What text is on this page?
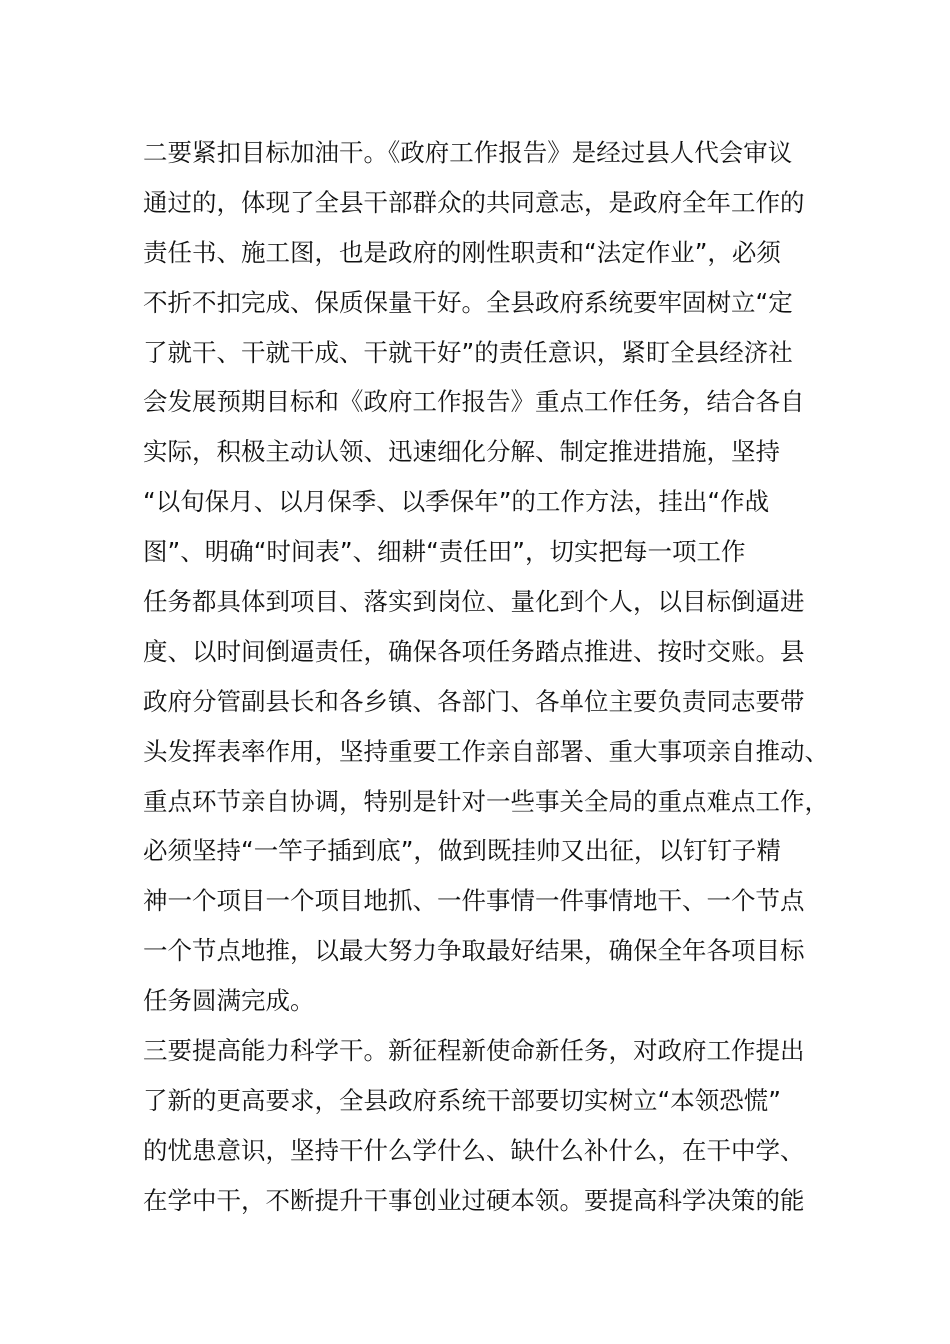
二要紧扣目标加油干。《政府工作报告》是经过县人代会审议
通过的，体现了全县干部群众的共同意志，是政府全年工作的
责任书、施工图，也是政府的刚性职责和“法定作业”，必须
不折不扣完成、保质保量干好。全县政府系统要牢固树立“定
了就干、干就干成、干就干好”的责任意识，紧盯全县经济社
会发展预期目标和《政府工作报告》重点工作任务，结合各自
实际，积极主动认领、迅速细化分解、制定推进措施，坚持
“以旬保月、以月保季、以季保年”的工作方法，挂出“作战
图”、明确“时间表”、细耕“责任田”，切实把每一项工作
任务都具体到项目、落实到岗位、量化到个人，以目标倒逼进
度、以时间倒逼责任，确保各项任务踏点推进、按时交账。县
政府分管副县长和各乡镇、各部门、各单位主要负责同志要带
头发挥表率作用，坚持重要工作亲自部署、重大事项亲自推动、
重点环节亲自协调，特别是针对一些事关全局的重点难点工作，
必须坚持“一竿子插到底”，做到既挂帅又出征，以钉钉子精
神一个项目一个项目地抓、一件事情一件事情地干、一个节点
一个节点地推，以最大努力争取最好结果，确保全年各项目标
任务圆满完成。
三要提高能力科学干。新征程新使命新任务，对政府工作提出
了新的更高要求，全县政府系统干部要切实树立“本领恐慌”
的忧患意识，坚持干什么学什么、缺什么补什么，在干中学、
在学中干，不断提升干事创业过硬本领。要提高科学决策的能
